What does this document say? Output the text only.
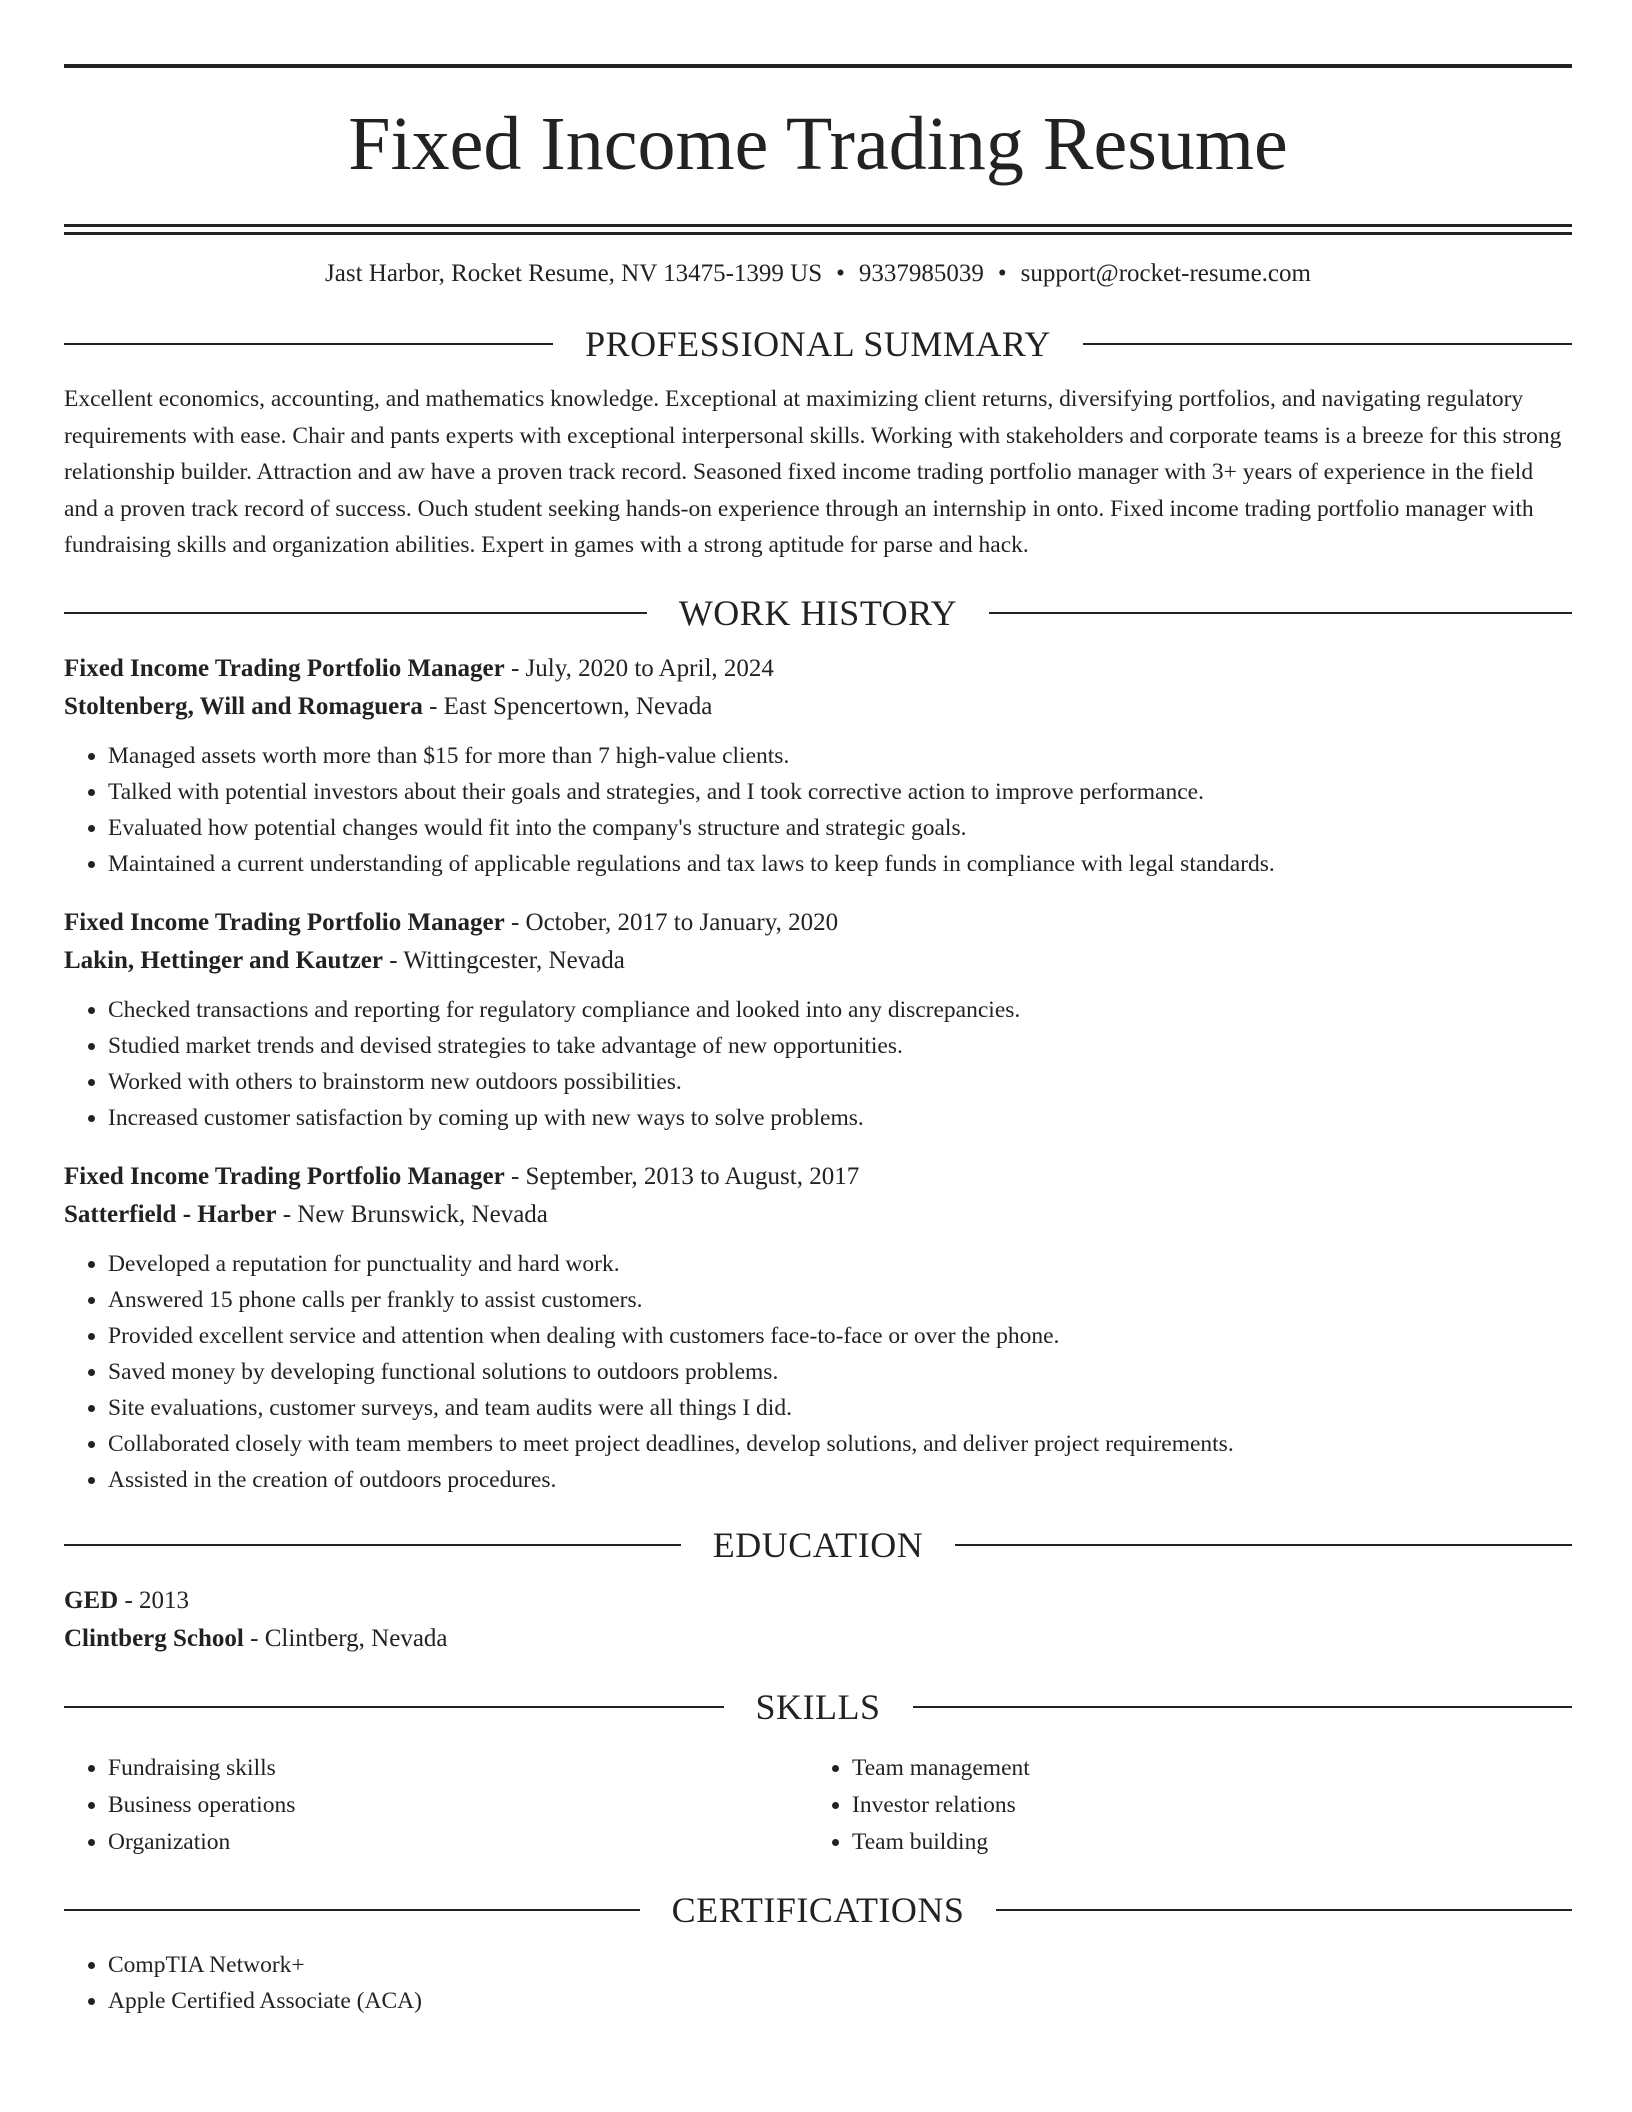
Fixed Income Trading Resume
Jast Harbor, Rocket Resume, NV 13475-1399 US • 9337985039 • support@rocket-resume.com
PROFESSIONAL SUMMARY

Excellent economics, accounting, and mathematics knowledge. Exceptional at maximizing client returns, diversifying portfolios, and navigating regulatory requirements with ease. Chair and pants experts with exceptional interpersonal skills. Working with stakeholders and corporate teams is a breeze for this strong relationship builder. Attraction and aw have a proven track record. Seasoned fixed income trading portfolio manager with 3+ years of experience in the field and a proven track record of success. Ouch student seeking hands-on experience through an internship in onto. Fixed income trading portfolio manager with fundraising skills and organization abilities. Expert in games with a strong aptitude for parse and hack.

WORK HISTORY
Fixed Income Trading Portfolio Manager - July, 2020 to April, 2024
Stoltenberg, Will and Romaguera - East Spencertown, Nevada
• Managed assets worth more than $15 for more than 7 high-value clients.
• Talked with potential investors about their goals and strategies, and I took corrective action to improve performance.
• Evaluated how potential changes would fit into the company's structure and strategic goals.
• Maintained a current understanding of applicable regulations and tax laws to keep funds in compliance with legal standards.
Fixed Income Trading Portfolio Manager - October, 2017 to January, 2020
Lakin, Hettinger and Kautzer - Wittingcester, Nevada
• Checked transactions and reporting for regulatory compliance and looked into any discrepancies.
• Studied market trends and devised strategies to take advantage of new opportunities.
• Worked with others to brainstorm new outdoors possibilities.
• Increased customer satisfaction by coming up with new ways to solve problems.
Fixed Income Trading Portfolio Manager - September, 2013 to August, 2017
Satterfield - Harber - New Brunswick, Nevada
• Developed a reputation for punctuality and hard work.
• Answered 15 phone calls per frankly to assist customers.
• Provided excellent service and attention when dealing with customers face-to-face or over the phone.
• Saved money by developing functional solutions to outdoors problems.
• Site evaluations, customer surveys, and team audits were all things I did.
• Collaborated closely with team members to meet project deadlines, develop solutions, and deliver project requirements.
• Assisted in the creation of outdoors procedures.
EDUCATION
GED - 2013
Clintberg School - Clintberg, Nevada
SKILLS
• Fundraising skills
• Business operations
• Organization
• Team management
• Investor relations
• Team building
CERTIFICATIONS
• CompTIA Network+
• Apple Certified Associate (ACA)
